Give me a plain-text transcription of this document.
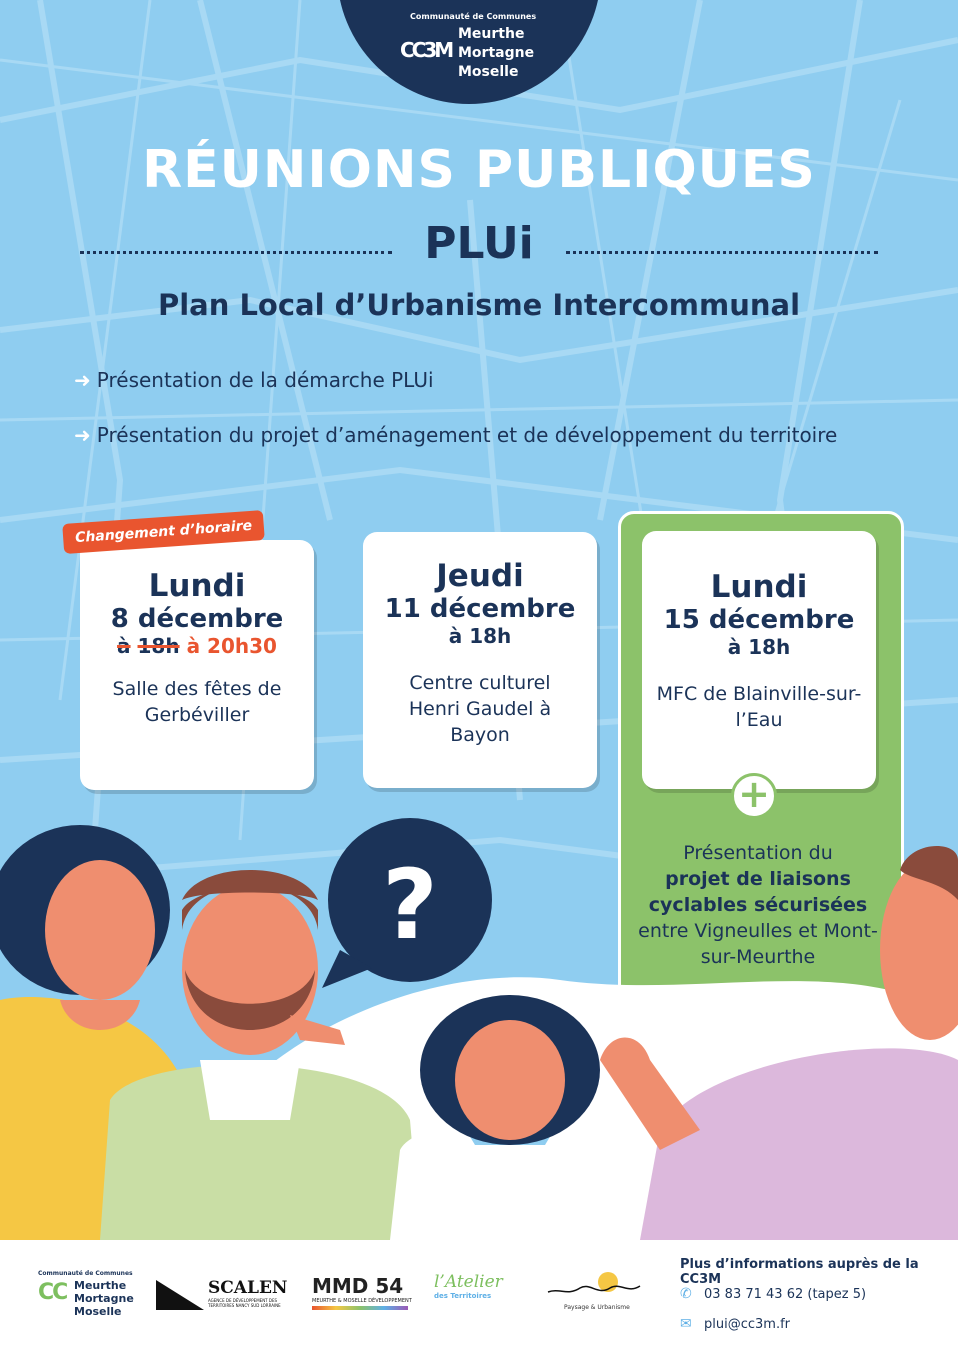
Communauté de Communes
CC3M
Meurthe
Mortagne
Moselle
RÉUNIONS PUBLIQUES
PLUi
Plan Local d’Urbanisme Intercommunal
➜ Présentation de la démarche PLUi
➜ Présentation du projet d’aménagement et de développement du territoire
Lundi
8 décembre
à 18h à 20h30
Salle des fêtes de Gerbéviller
Changement d’horaire
Jeudi
11 décembre
à 18h
Centre culturel Henri Gaudel à Bayon
Lundi
15 décembre
à 18h
MFC de Blainville-sur-l’Eau
+
Présentation du
projet de liaisons cyclables sécurisées
entre Vigneulles et Mont-sur-Meurthe
?
Communauté de Communes
CC Meurthe
Mortagne
Moselle
SCALEN
AGENCE DE DÉVELOPPEMENT DES TERRITOIRES NANCY SUD LORRAINE
MMD 54
MEURTHE & MOSELLE DÉVELOPPEMENT
l’Atelier
des Territoires
Paysage & Urbanisme
Plus d’informations auprès de la CC3M
✆ 03 83 71 43 62 (tapez 5)
✉ plui@cc3m.fr
